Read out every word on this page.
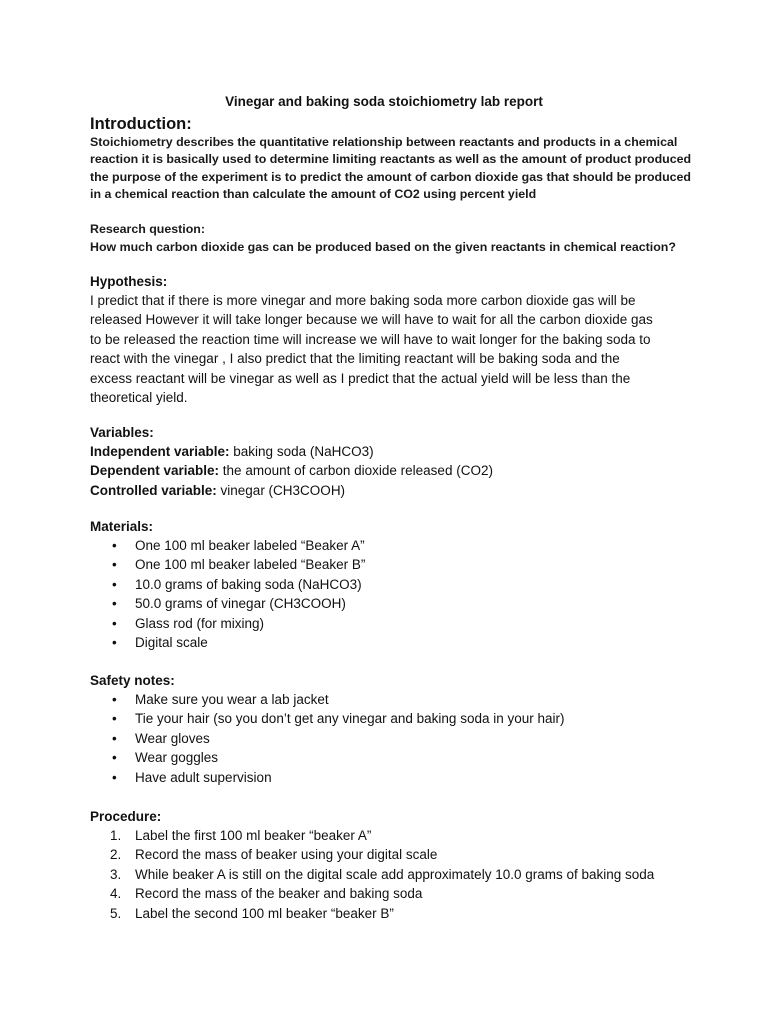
Vinegar and baking soda stoichiometry lab report
Introduction:
Stoichiometry describes the quantitative relationship between reactants and products in a chemical
reaction it is basically used to determine limiting reactants as well as the amount of product produced
the purpose of the experiment is to predict the amount of carbon dioxide gas that should be produced
in a chemical reaction than calculate the amount of CO2 using percent yield
Research question:
How much carbon dioxide gas can be produced based on the given reactants in chemical reaction?
Hypothesis:
I predict that if there is more vinegar and more baking soda more carbon dioxide gas will be
released However it will take longer because we will have to wait for all the carbon dioxide gas
to be released the reaction time will increase we will have to wait longer for the baking soda to
react with the vinegar , I also predict that the limiting reactant will be baking soda and the
excess reactant will be vinegar as well as I predict that the actual yield will be less than the
theoretical yield.
Variables:
Independent variable: baking soda (NaHCO3)
Dependent variable: the amount of carbon dioxide released (CO2)
Controlled variable: vinegar (CH3COOH)
Materials:
• One 100 ml beaker labeled “Beaker A”
• One 100 ml beaker labeled “Beaker B”
• 10.0 grams of baking soda (NaHCO3)
• 50.0 grams of vinegar (CH3COOH)
• Glass rod (for mixing)
• Digital scale
Safety notes:
• Make sure you wear a lab jacket
• Tie your hair (so you don’t get any vinegar and baking soda in your hair)
• Wear gloves
• Wear goggles
• Have adult supervision
Procedure:
1. Label the first 100 ml beaker “beaker A”
2. Record the mass of beaker using your digital scale
3. While beaker A is still on the digital scale add approximately 10.0 grams of baking soda
4. Record the mass of the beaker and baking soda
5. Label the second 100 ml beaker “beaker B”
